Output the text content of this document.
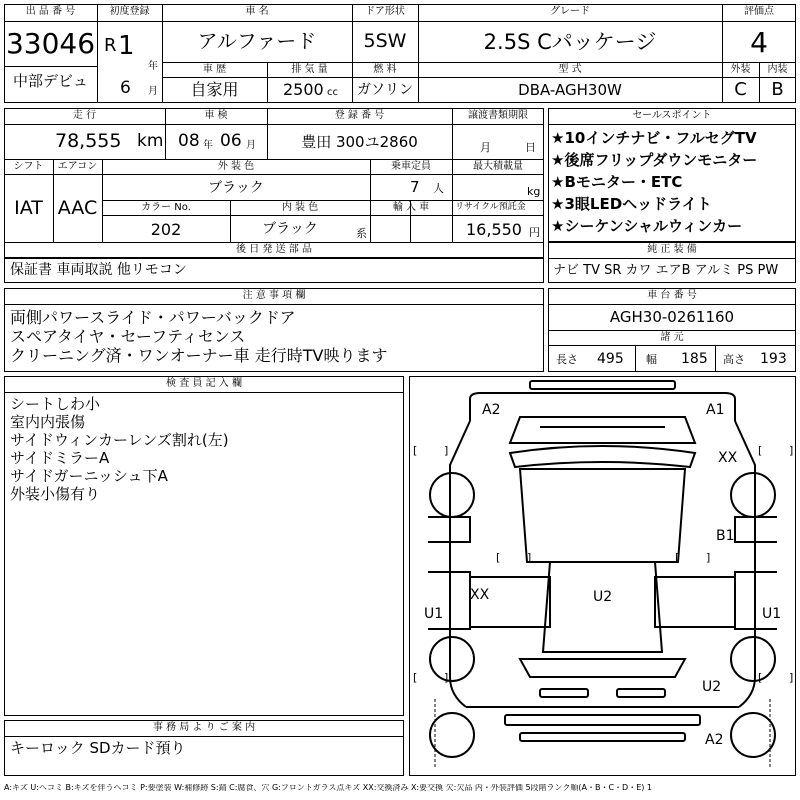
出 品 番 号
33046
中部デビュ
初度登録
R 1
年
6 月
車 名
アルファード
ドア形状
5SW
グレード
2.5S Cパッケージ
評価点
4
外装	内装
C	B
車 歴
自家用
排 気 量
2500 cc
燃 料
ガソリン
型 式
DBA-AGH30W
走 行
78,555 km
車 検
08 年 06 月
登 録 番 号
豊田 300ユ2860
譲渡書類期限
月	日
シフト	エアコン
IAT AAC
外 装 色
ブラック
乗車定員
7 人
最大積載量
kg
カラー No.
202
内 装 色
ブラック	系
輸 入 車	リサイクル預託金
16,550 円
後 日 発 送 部 品
保証書 車両取説 他リモコン
セールスポイント
★10インチナビ・フルセグTV
★後席フリップダウンモニター
★Bモニター・ETC
★3眼LEDヘッドライト
★シーケンシャルウィンカー
純 正 装 備
ナビ TV SR カワ エアB アルミ PS PW
注 意 事 項 欄
両側パワースライド・パワーバックドア
スペアタイヤ・セーフティセンス
クリーニング済・ワンオーナー車 走行時TV映ります
車 台 番 号
AGH30-0261160
諸 元
長さ 495 幅 185 高さ 193
検 査 員 記 入 欄
シートしわ小
室内内張傷
サイドウィンカーレンズ割れ(左)
サイドミラーA
サイドガーニッシュ下A
外装小傷有り
事 務 局 よ り ご 案 内
キーロック SDカード預り
A2	A1
XX
B1
XX	U2
U1	U1
U2
A2
[ ]	[ ]
[ ]	[ ]
[ ]	[ ]
A:キズ U:ヘコミ B:キズを伴うヘコミ P:要塗装 W:補修跡 S:錆 C:腐食、穴 G:フロントガラス点キズ XX:交換済み X:要交換 欠:欠品 内・外装評価 5段階ランク順(A・B・C・D・E) 1
